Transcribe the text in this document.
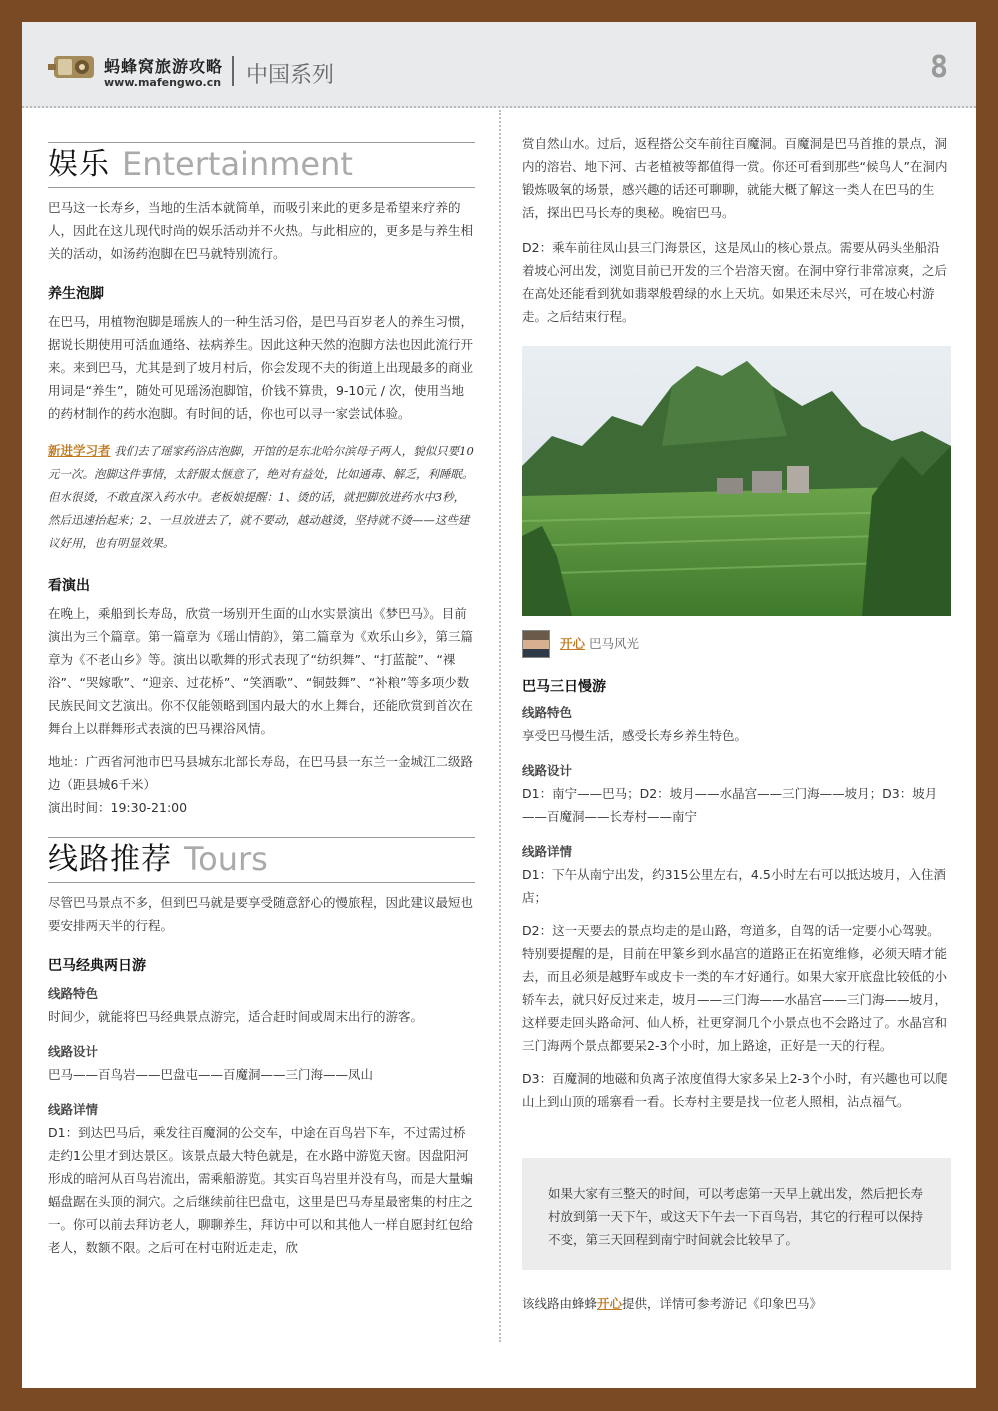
蚂蜂窝旅游攻略
www.mafengwo.cn 中国系列	8
娱乐 Entertainment

巴马这一长寿乡，当地的生活本就简单，而吸引来此的更多是希望来疗养的人，因此在这儿现代时尚的娱乐活动并不火热。与此相应的，更多是与养生相关的活动，如汤药泡脚在巴马就特别流行。

养生泡脚

在巴马，用植物泡脚是瑶族人的一种生活习俗，是巴马百岁老人的养生习惯，据说长期使用可活血通络、祛病养生。因此这种天然的泡脚方法也因此流行开来。来到巴马，尤其是到了坡月村后，你会发现不夫的街道上出现最多的商业用词是“养生”，随处可见瑶汤泡脚馆，价钱不算贵，9-10元 / 次，使用当地的药材制作的药水泡脚。有时间的话，你也可以寻一家尝试体验。

新进学习者 我们去了瑶家药浴店泡脚，开馆的是东北哈尔滨母子两人，貌似只要10元一次。泡脚这件事情，太舒服太惬意了，绝对有益处，比如通毒、解乏，利睡眠。但水很烫，不敢直深入药水中。老板娘提醒：1、烫的话，就把脚放进药水中3秒，然后迅速抬起来；2、一旦放进去了，就不要动，越动越烫，坚持就不烫——这些建议好用，也有明显效果。

看演出

在晚上，乘船到长寿岛，欣赏一场别开生面的山水实景演出《梦巴马》。目前演出为三个篇章。第一篇章为《瑶山情韵》，第二篇章为《欢乐山乡》，第三篇章为《不老山乡》等。演出以歌舞的形式表现了“纺织舞”、“打蓝靛”、“裸浴”、“哭嫁歌”、“迎亲、过花桥”、“笑酒歌”、“铜鼓舞”、“补粮”等多项少数民族民间文艺演出。你不仅能领略到国内最大的水上舞台，还能欣赏到首次在舞台上以群舞形式表演的巴马裸浴风情。

地址：广西省河池市巴马县城东北部长寿岛，在巴马县一东兰一金城江二级路边（距县城6千米）

演出时间：19:30-21:00

线路推荐 Tours

尽管巴马景点不多，但到巴马就是要享受随意舒心的慢旅程，因此建议最短也要安排两天半的行程。

巴马经典两日游
线路特色

时间少，就能将巴马经典景点游完，适合赶时间或周末出行的游客。

线路设计

巴马——百鸟岩——巴盘屯——百魔洞——三门海——凤山

线路详情

D1：到达巴马后，乘发往百魔洞的公交车，中途在百鸟岩下车，不过需过桥走约1公里才到达景区。该景点最大特色就是，在水路中游览天窗。因盘阳河形成的暗河从百鸟岩流出，需乘船游览。其实百鸟岩里并没有鸟，而是大量蝙蝠盘踞在头顶的洞穴。之后继续前往巴盘屯，这里是巴马寿星最密集的村庄之一。你可以前去拜访老人，聊聊养生，拜访中可以和其他人一样自愿封红包给老人，数额不限。之后可在村屯附近走走，欣

赏自然山水。过后，返程搭公交车前往百魔洞。百魔洞是巴马首推的景点，洞内的溶岩、地下河、古老植被等都值得一赏。你还可看到那些“候鸟人”在洞内锻炼吸氧的场景，感兴趣的话还可聊聊，就能大概了解这一类人在巴马的生活，探出巴马长寿的奥秘。晚宿巴马。

D2：乘车前往凤山县三门海景区，这是凤山的核心景点。需要从码头坐船沿着坡心河出发，浏览目前已开发的三个岩溶天窗。在洞中穿行非常凉爽，之后在高处还能看到犹如翡翠般碧绿的水上天坑。如果还未尽兴，可在坡心村游走。之后结束行程。

开心 巴马风光
巴马三日慢游
线路特色

享受巴马慢生活，感受长寿乡养生特色。

线路设计

D1：南宁——巴马；D2：坡月——水晶宫——三门海——坡月；D3：坡月——百魔洞——长寿村——南宁

线路详情

D1：下午从南宁出发，约315公里左右，4.5小时左右可以抵达坡月，入住酒店；

D2：这一天要去的景点均走的是山路，弯道多，自驾的话一定要小心驾驶。特别要提醒的是，目前在甲篆乡到水晶宫的道路正在拓宽维修，必须天晴才能去，而且必须是越野车或皮卡一类的车才好通行。如果大家开底盘比较低的小轿车去，就只好反过来走，坡月——三门海——水晶宫——三门海——坡月，这样要走回头路命河、仙人桥，社更穿洞几个小景点也不会路过了。水晶宫和三门海两个景点都要呆2-3个小时，加上路途，正好是一天的行程。

D3：百魔洞的地磁和负离子浓度值得大家多呆上2-3个小时，有兴趣也可以爬山上到山顶的瑶寨看一看。长寿村主要是找一位老人照相，沾点福气。

如果大家有三整天的时间，可以考虑第一天早上就出发，然后把长寿村放到第一天下午，或这天下午去一下百鸟岩，其它的行程可以保持不变，第三天回程到南宁时间就会比较早了。

该线路由蜂蜂开心提供，详情可参考游记《印象巴马》
